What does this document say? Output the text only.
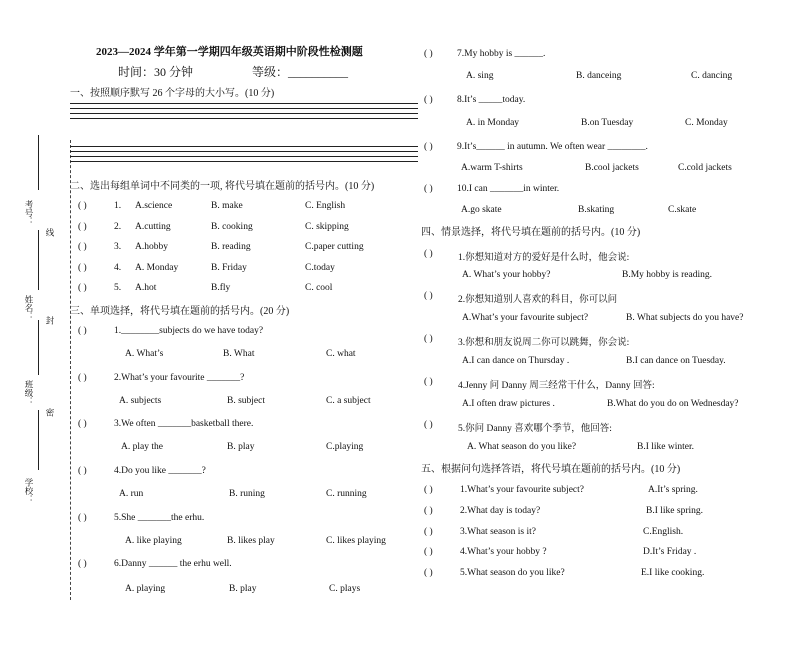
考号：
姓名：
班级：
学校：
线
封
密
2023—2024 学年第一学期四年级英语期中阶段性检测题
时间：30 分钟	等级：__________
一、按照顺序默写 26 个字母的大小写。(10 分)
二、选出每组单词中不同类的一项, 将代号填在题前的括号内。(10 分)
( )	1. A.science	B. make	C. English
( )	2. A.cutting	B. cooking	C. skipping
( )	3. A.hobby	B. reading	C.paper cutting
( )	4. A. Monday	B. Friday	C.today
( )	5. A.hot	B.fly	C. cool
三、单项选择，将代号填在题前的括号内。(20 分)
( )	1.________subjects do we have today?
A. What’s	B. What	C. what
( )	2.What’s your favourite _______?
A. subjects	B. subject	C. a subject
( )	3.We often _______basketball there.
A. play the	B. play	C.playing
( )	4.Do you like _______?
A. run	B. runing	C. running
( )	5.She _______the erhu.
A. like playing	B. likes play	C. likes playing
( )	6.Danny ______ the erhu well.
A. playing	B. play	C. plays
( )	7.My hobby is ______.
A. sing	B. danceing	C. dancing
( )	8.It’s _____today.
A. in Monday	B.on Tuesday	C. Monday
( )	9.It’s______ in autumn. We often wear ________.
A.warm T-shirts	B.cool jackets	C.cold jackets
( )	10.I can _______in winter.
A.go skate	B.skating	C.skate
四、情景选择，将代号填在题前的括号内。(10 分)
( )	1.你想知道对方的爱好是什么时，他会说:
A. What’s your hobby?	B.My hobby is reading.
( )	2.你想知道别人喜欢的科目，你可以问
A.What’s your favourite subject?	B. What subjects do you have?
( )	3.你想和朋友说周二你可以跳舞，你会说:
A.I can dance on Thursday .	B.I can dance on Tuesday.
( )	4.Jenny 问 Danny 周三经常干什么，Danny 回答:
A.I often draw pictures .	B.What do you do on Wednesday?
( )	5.你问 Danny 喜欢哪个季节，他回答:
A. What season do you like?	B.I like winter.
五、根据问句选择答语，将代号填在题前的括号内。(10 分)
( )	1.What’s your favourite subject?	A.It’s spring.
( )	2.What day is today?	B.I like spring.
( )	3.What season is it?	C.English.
( )	4.What’s your hobby ?	D.It’s Friday .
( )	5.What season do you like?	E.I like cooking.
